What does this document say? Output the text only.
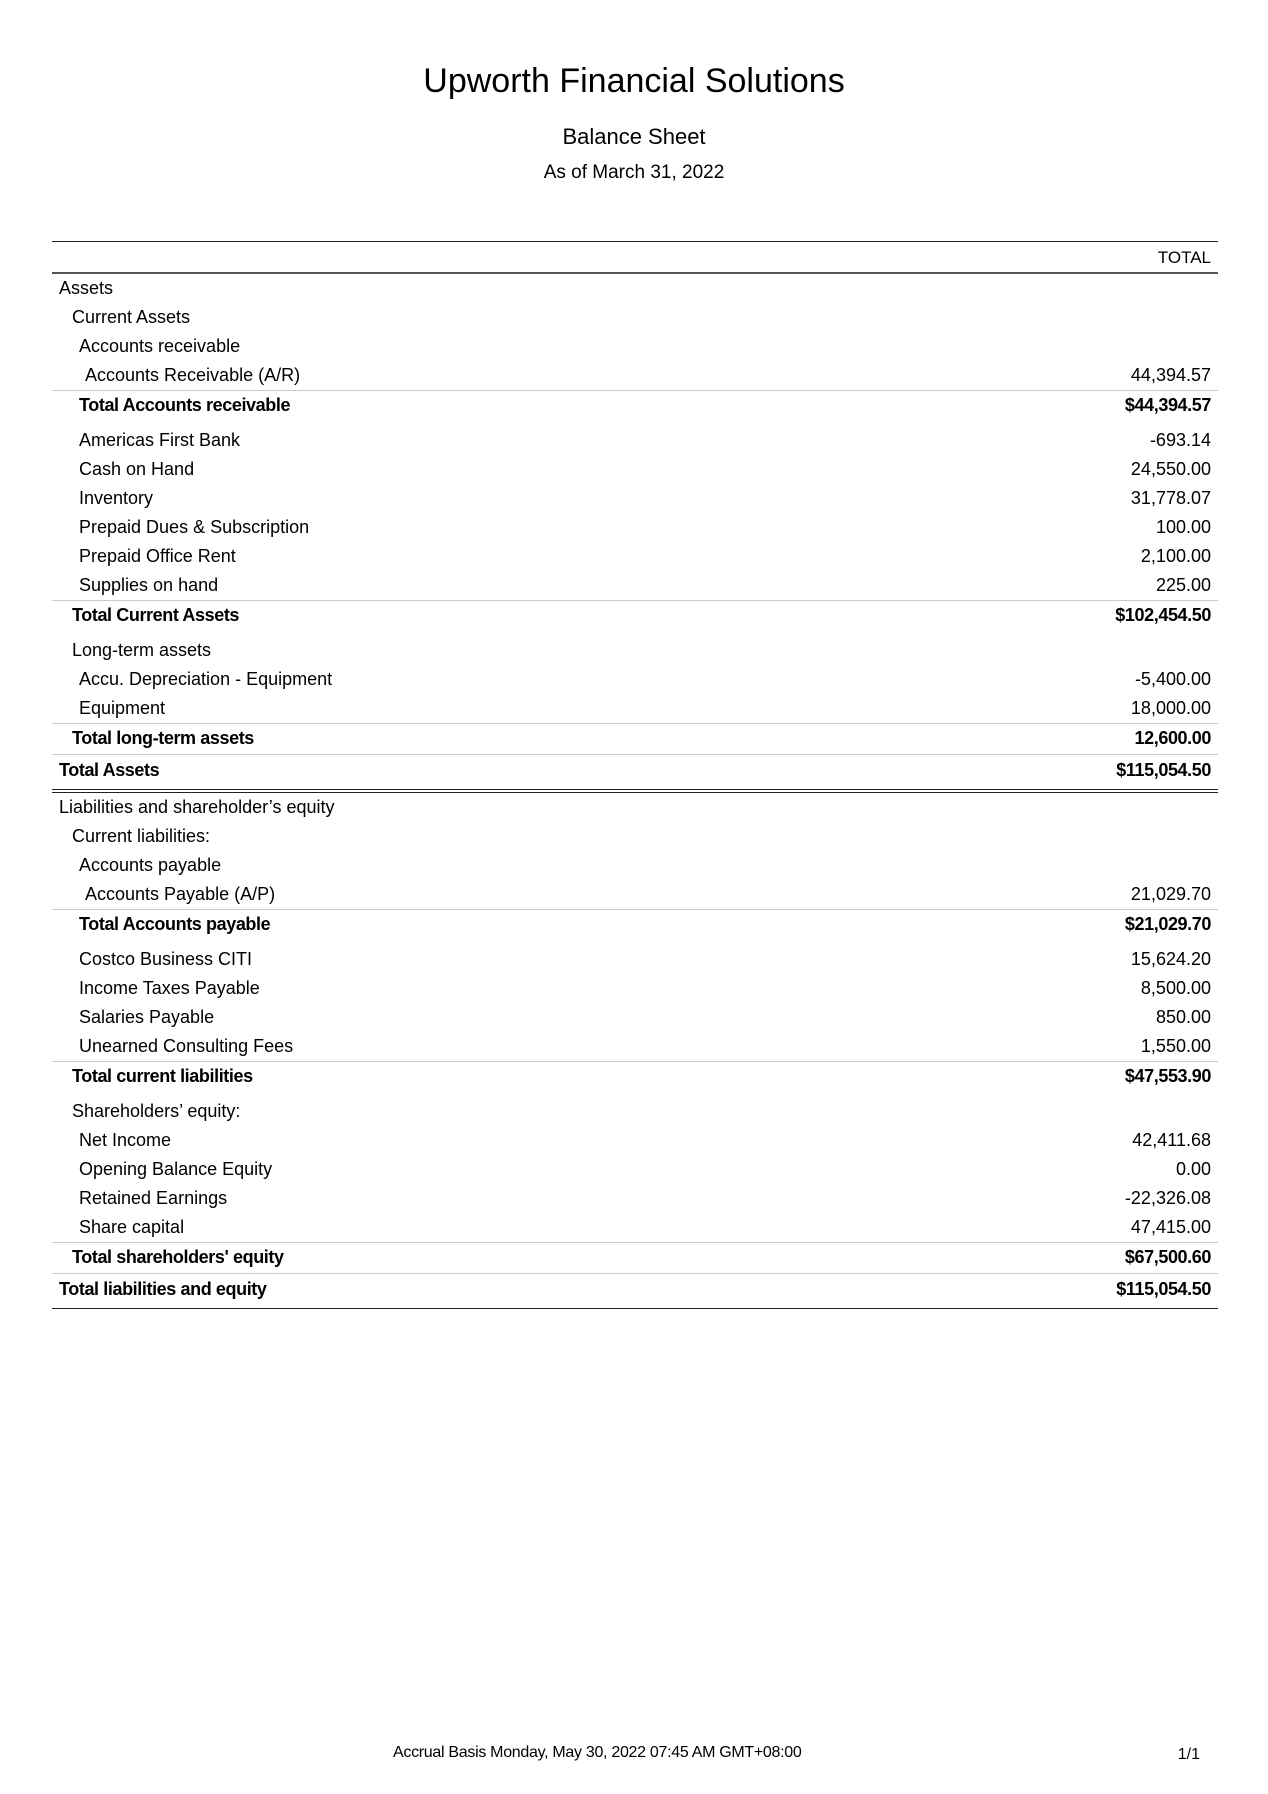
Upworth Financial Solutions
Balance Sheet
As of March 31, 2022
TOTAL
Assets
Current Assets
Accounts receivable
Accounts Receivable (A/R)	44,394.57
Total Accounts receivable	$44,394.57
Americas First Bank	-693.14
Cash on Hand	24,550.00
Inventory	31,778.07
Prepaid Dues & Subscription	100.00
Prepaid Office Rent	2,100.00
Supplies on hand	225.00
Total Current Assets	$102,454.50
Long-term assets
Accu. Depreciation - Equipment	-5,400.00
Equipment	18,000.00
Total long-term assets	12,600.00
Total Assets	$115,054.50
Liabilities and shareholder’s equity
Current liabilities:
Accounts payable
Accounts Payable (A/P)	21,029.70
Total Accounts payable	$21,029.70
Costco Business CITI	15,624.20
Income Taxes Payable	8,500.00
Salaries Payable	850.00
Unearned Consulting Fees	1,550.00
Total current liabilities	$47,553.90
Shareholders’ equity:
Net Income	42,411.68
Opening Balance Equity	0.00
Retained Earnings	-22,326.08
Share capital	47,415.00
Total shareholders' equity	$67,500.60
Total liabilities and equity	$115,054.50
Accrual Basis Monday, May 30, 2022 07:45 AM GMT+08:00	1/1
